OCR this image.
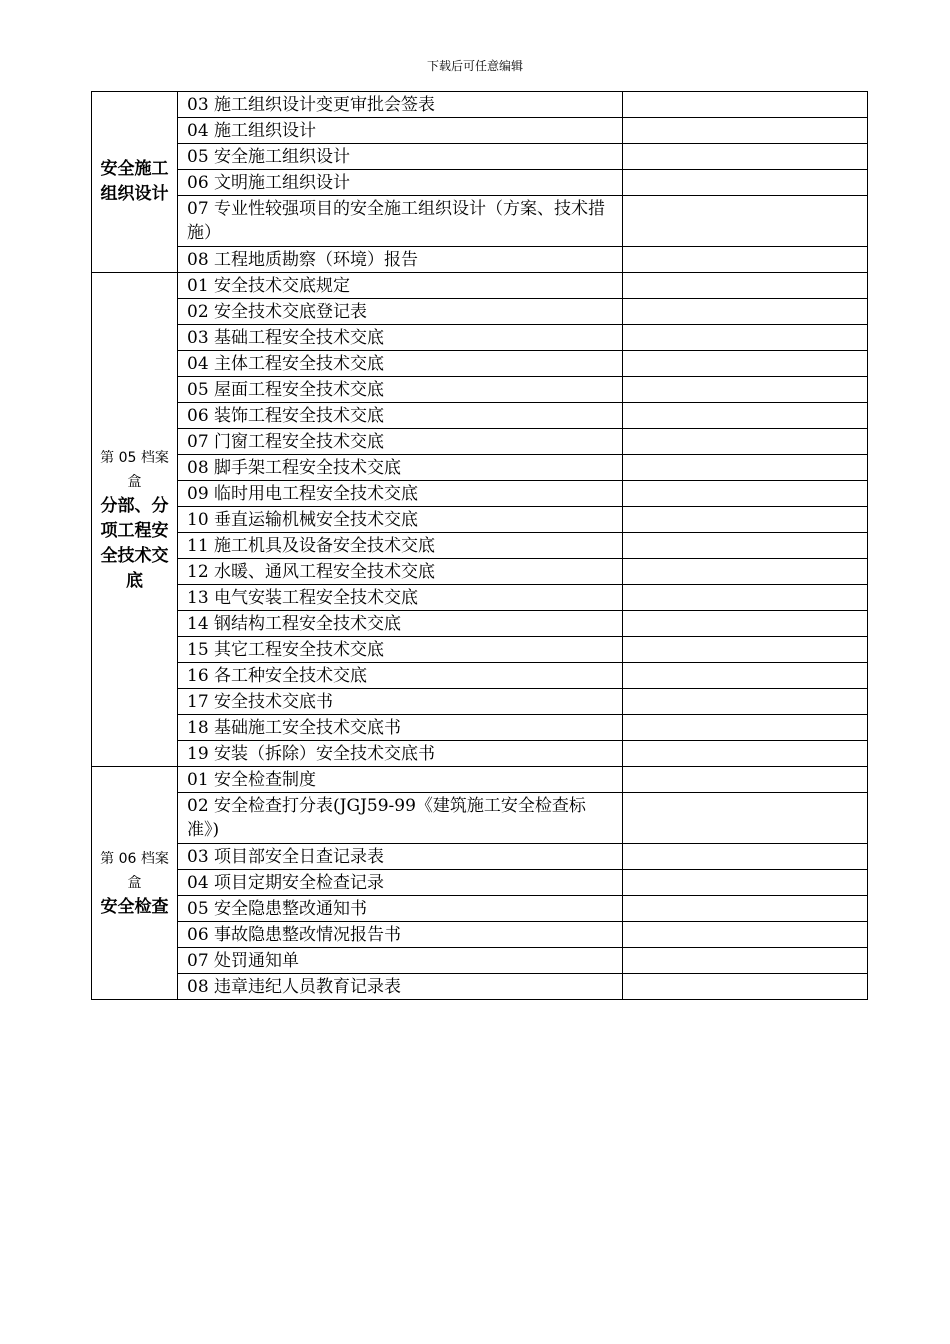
下载后可任意编辑
安全施工组织设计	03 施工组织设计变更审批会签表	
	04 施工组织设计	
	05 安全施工组织设计	
	06 文明施工组织设计	
	07 专业性较强项目的安全施工组织设计（方案、技术措施）	
	08 工程地质勘察（环境）报告	

第 05 档案盒
分部、分项工程安全技术交底	01 安全技术交底规定	
	02 安全技术交底登记表	
	03 基础工程安全技术交底	
	04 主体工程安全技术交底	
	05 屋面工程安全技术交底	
	06 装饰工程安全技术交底	
	07 门窗工程安全技术交底	
	08 脚手架工程安全技术交底	
	09 临时用电工程安全技术交底	
	10 垂直运输机械安全技术交底	
	11 施工机具及设备安全技术交底	
	12 水暖、通风工程安全技术交底	
	13 电气安装工程安全技术交底	
	14 钢结构工程安全技术交底	
	15 其它工程安全技术交底	
	16 各工种安全技术交底	
	17 安全技术交底书	
	18 基础施工安全技术交底书	
	19 安装（拆除）安全技术交底书	

第 06 档案盒
安全检查	01 安全检查制度	
	02 安全检查打分表(JGJ59-99《建筑施工安全检查标准》)	
	03 项目部安全日查记录表	
	04 项目定期安全检查记录	
	05 安全隐患整改通知书	
	06 事故隐患整改情况报告书	
	07 处罚通知单	
	08 违章违纪人员教育记录表	
